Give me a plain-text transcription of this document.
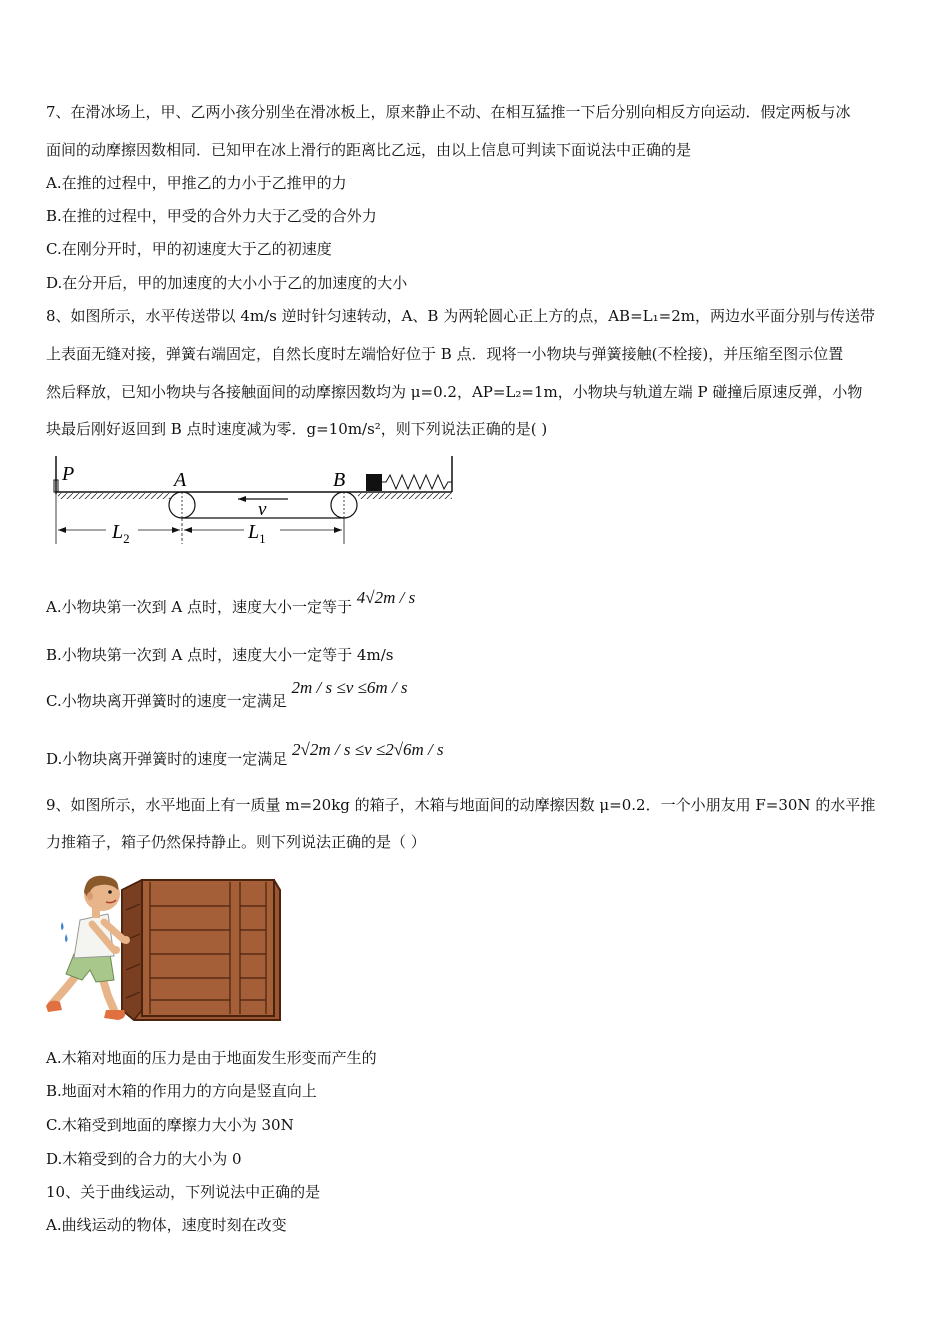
7、在滑冰场上，甲、乙两小孩分别坐在滑冰板上，原来静止不动、在相互猛推一下后分别向相反方向运动．假定两板与冰
面间的动摩擦因数相同．已知甲在冰上滑行的距离比乙远，由以上信息可判读下面说法中正确的是
A.在推的过程中，甲推乙的力小于乙推甲的力
B.在推的过程中，甲受的合外力大于乙受的合外力
C.在刚分开时，甲的初速度大于乙的初速度
D.在分开后，甲的加速度的大小小于乙的加速度的大小
8、如图所示，水平传送带以 4m/s 逆时针匀速转动，A、B 为两轮圆心正上方的点，AB=L₁=2m，两边水平面分别与传送带
上表面无缝对接，弹簧右端固定，自然长度时左端恰好位于 B 点．现将一小物块与弹簧接触(不栓接)，并压缩至图示位置
然后释放，已知小物块与各接触面间的动摩擦因数均为 μ=0.2，AP=L₂=1m，小物块与轨道左端 P 碰撞后原速反弹，小物
块最后刚好返回到 B 点时速度减为零．g=10m/s²，则下列说法正确的是( )
P	A	B
v
$L_2$	$L_1$
A.小物块第一次到 A 点时，速度大小一定等于 4√2m / s
B.小物块第一次到 A 点时，速度大小一定等于 4m/s
C.小物块离开弹簧时的速度一定满足 2m / s ≤v ≤6m / s
D.小物块离开弹簧时的速度一定满足 2√2m / s ≤v ≤2√6m / s
9、如图所示，水平地面上有一质量 m=20kg 的箱子，木箱与地面间的动摩擦因数 μ=0.2．一个小朋友用 F=30N 的水平推
力推箱子，箱子仍然保持静止。则下列说法正确的是（ ）
A.木箱对地面的压力是由于地面发生形变而产生的
B.地面对木箱的作用力的方向是竖直向上
C.木箱受到地面的摩擦力大小为 30N
D.木箱受到的合力的大小为 0
10、关于曲线运动，下列说法中正确的是
A.曲线运动的物体，速度时刻在改变
